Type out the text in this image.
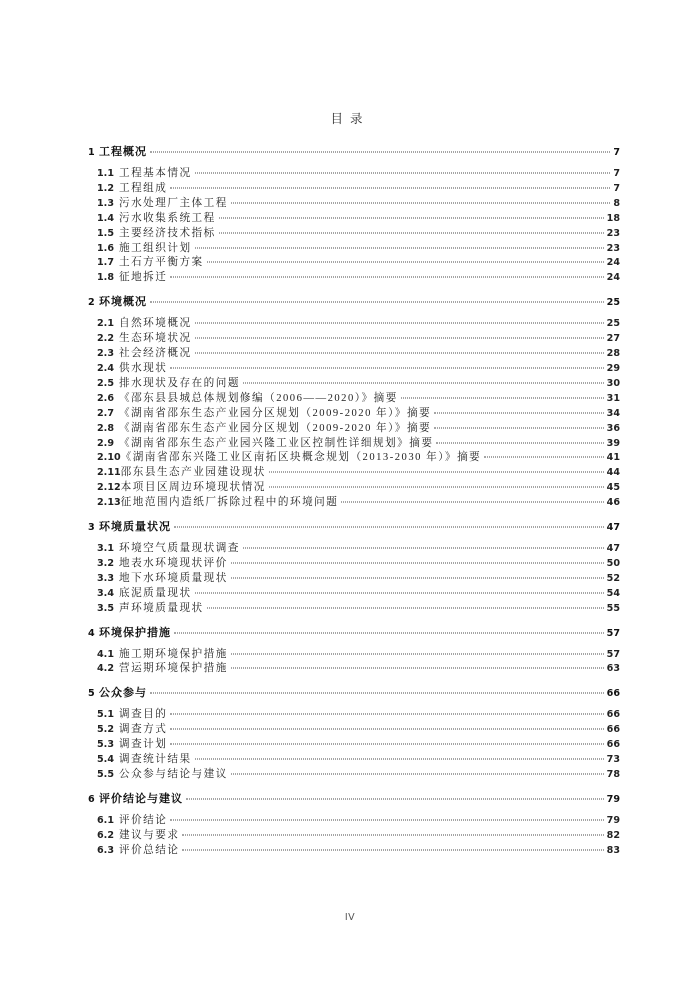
目录
1 工程概况	7
1.1 工程基本情况	7
1.2 工程组成	7
1.3 污水处理厂主体工程	8
1.4 污水收集系统工程	18
1.5 主要经济技术指标	23
1.6 施工组织计划	23
1.7 土石方平衡方案	24
1.8 征地拆迁	24
2 环境概况	25
2.1 自然环境概况	25
2.2 生态环境状况	27
2.3 社会经济概况	28
2.4 供水现状	29
2.5 排水现状及存在的问题	30
2.6 《邵东县县城总体规划修编（2006——2020）》摘要	31
2.7 《湖南省邵东生态产业园分区规划（2009-2020 年）》摘要	34
2.8 《湖南省邵东生态产业园分区规划（2009-2020 年）》摘要	36
2.9 《湖南省邵东生态产业园兴隆工业区控制性详细规划》摘要	39
2.10 《湖南省邵东兴隆工业区南拓区块概念规划（2013-2030 年）》摘要	41
2.11 邵东县生态产业园建设现状	44
2.12 本项目区周边环境现状情况	45
2.13 征地范围内造纸厂拆除过程中的环境问题	46
3 环境质量状况	47
3.1 环境空气质量现状调查	47
3.2 地表水环境现状评价	50
3.3 地下水环境质量现状	52
3.4 底泥质量现状	54
3.5 声环境质量现状	55
4 环境保护措施	57
4.1 施工期环境保护措施	57
4.2 营运期环境保护措施	63
5 公众参与	66
5.1 调查目的	66
5.2 调查方式	66
5.3 调查计划	66
5.4 调查统计结果	73
5.5 公众参与结论与建议	78
6 评价结论与建议	79
6.1 评价结论	79
6.2 建议与要求	82
6.3 评价总结论	83
IV
